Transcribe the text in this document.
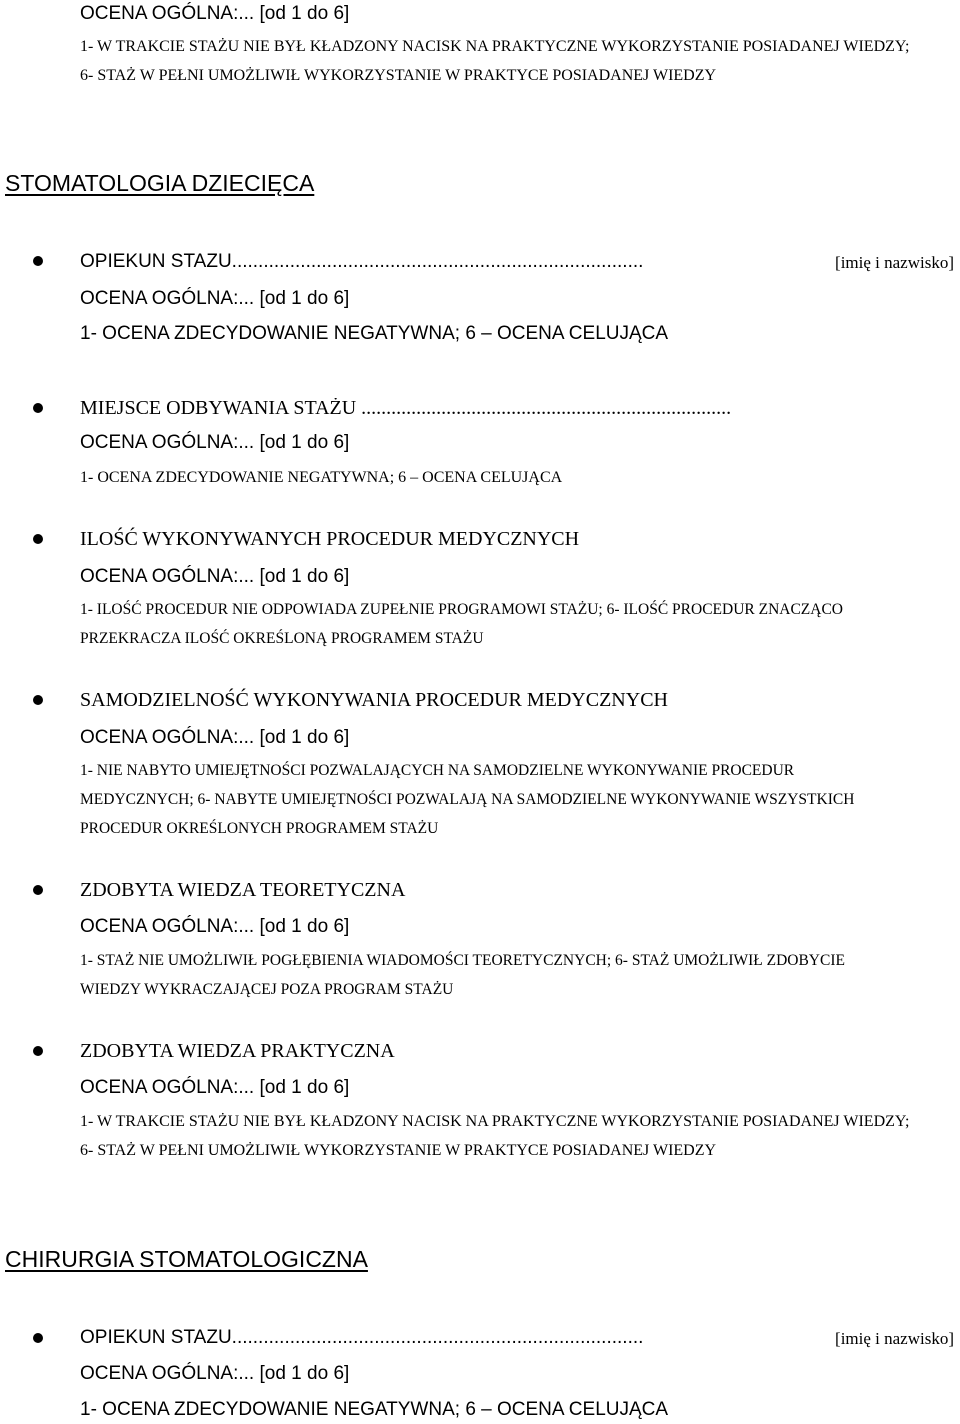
OCENA OGÓLNA:... [od 1 do 6]
1- W TRAKCIE STAŻU NIE BYŁ KŁADZONY NACISK NA PRAKTYCZNE WYKORZYSTANIE POSIADANEJ WIEDZY;
6- STAŻ W PEŁNI UMOŻLIWIŁ WYKORZYSTANIE W PRAKTYCE POSIADANEJ WIEDZY
STOMATOLOGIA DZIECIĘCA
OPIEKUN STAŻU..............................................................................	[imię i nazwisko]
OCENA OGÓLNA:... [od 1 do 6]
1- OCENA ZDECYDOWANIE NEGATYWNA; 6 – OCENA CELUJĄCA
MIEJSCE ODBYWANIA STAŻU ..........................................................................
OCENA OGÓLNA:... [od 1 do 6]
1- OCENA ZDECYDOWANIE NEGATYWNA; 6 – OCENA CELUJĄCA
ILOŚĆ WYKONYWANYCH PROCEDUR MEDYCZNYCH
OCENA OGÓLNA:... [od 1 do 6]
1- ILOŚĆ PROCEDUR NIE ODPOWIADA ZUPEŁNIE PROGRAMOWI STAŻU; 6- ILOŚĆ PROCEDUR ZNACZĄCO
PRZEKRACZA ILOŚĆ OKREŚLONĄ PROGRAMEM STAŻU
SAMODZIELNOŚĆ WYKONYWANIA PROCEDUR MEDYCZNYCH
OCENA OGÓLNA:... [od 1 do 6]
1- NIE NABYTO UMIEJĘTNOŚCI POZWALAJĄCYCH NA SAMODZIELNE WYKONYWANIE PROCEDUR
MEDYCZNYCH; 6- NABYTE UMIEJĘTNOŚCI POZWALAJĄ NA SAMODZIELNE WYKONYWANIE WSZYSTKICH
PROCEDUR OKREŚLONYCH PROGRAMEM STAŻU
ZDOBYTA WIEDZA TEORETYCZNA
OCENA OGÓLNA:... [od 1 do 6]
1- STAŻ NIE UMOŻLIWIŁ POGŁĘBIENIA WIADOMOŚCI TEORETYCZNYCH; 6- STAŻ UMOŻLIWIŁ ZDOBYCIE
WIEDZY WYKRACZAJĄCEJ POZA PROGRAM STAŻU
ZDOBYTA WIEDZA PRAKTYCZNA
OCENA OGÓLNA:... [od 1 do 6]
1- W TRAKCIE STAŻU NIE BYŁ KŁADZONY NACISK NA PRAKTYCZNE WYKORZYSTANIE POSIADANEJ WIEDZY;
6- STAŻ W PEŁNI UMOŻLIWIŁ WYKORZYSTANIE W PRAKTYCE POSIADANEJ WIEDZY
CHIRURGIA STOMATOLOGICZNA
OPIEKUN STAŻU..............................................................................	[imię i nazwisko]
OCENA OGÓLNA:... [od 1 do 6]
1- OCENA ZDECYDOWANIE NEGATYWNA; 6 – OCENA CELUJĄCA
